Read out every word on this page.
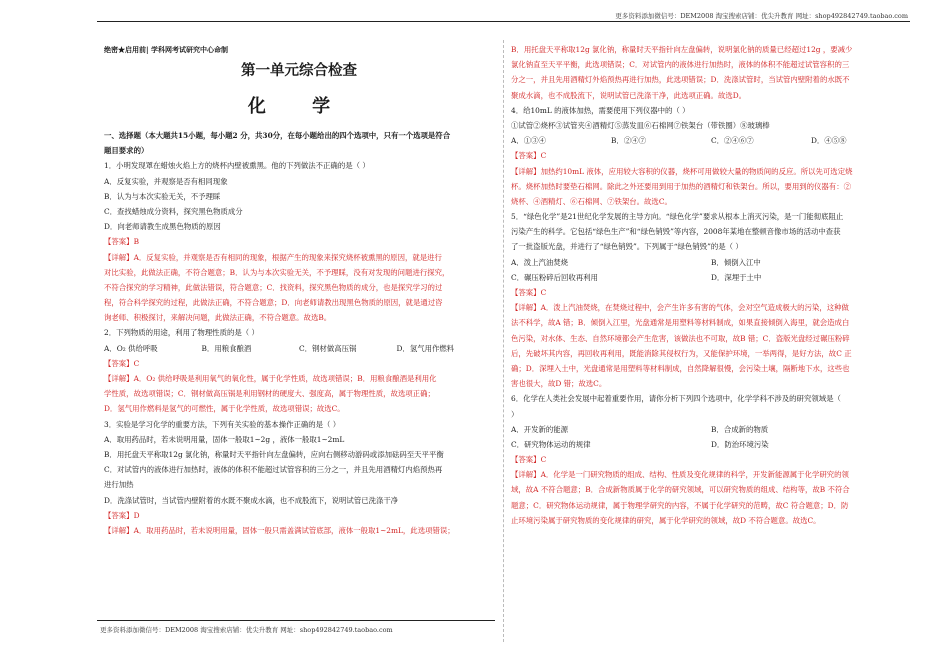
更多资料添加微信号：DEM2008 淘宝搜索店铺：优尖升教育 网址：shop492842749.taobao.com
绝密★启用前| 学科网考试研究中心命制
第一单元综合检查
化 学
一、选择题（本大题共15小题，每小题2 分，共30分，在每小题给出的四个选项中，只有一个选项是符合
题目要求的）
1．小明发现罩在蜡烛火焰上方的烧杯内壁被熏黑。他的下列做法不正确的是（ ）
A．反复实验，并观察是否有相同现象
B．认为与本次实验无关，不予理睬
C．查找蜡烛成分资料，探究黑色物质成分
D．向老师请教生成黑色物质的原因
【答案】B
【详解】A．反复实验，并观察是否有相同的现象，根据产生的现象来探究烧杯被熏黑的原因，就是进行
对比实验，此做法正确，不符合题意；B．认为与本次实验无关，不予理睬，没有对发现的问题进行探究，
不符合探究的学习精神，此做法错误，符合题意；C．找资料，探究黑色物质的成分，也是探究学习的过
程，符合科学探究的过程，此做法正确，不符合题意；D．向老师请教出现黑色物质的原因，就是通过咨
询老师、积极探讨，来解决问题，此做法正确，不符合题意。故选B。
2．下列物质的用途，利用了物理性质的是（ ）
A．O₂ 供给呼吸	B．用粮食酿酒	C．钢材做高压锅	D．氢气用作燃料
【答案】C
【详解】A．O₂ 供给呼吸是利用氧气的氧化性，属于化学性质，故选项错误；B．用粮食酿酒是利用化
学性质，故选项错误；C．钢材做高压锅是利用钢材的硬度大、强度高，属于物理性质，故选项正确；
D．氢气用作燃料是氢气的可燃性，属于化学性质，故选项错误；故选C。
3．实验是学习化学的重要方法，下列有关实验的基本操作正确的是（ ）
A．取用药品时，若未说明用量，固体一般取1~2g ，液体一般取1~2mL
B．用托盘天平称取12g 氯化钠，称量时天平指针向左盘偏转，应向右侧移动游码或添加砝码至天平平衡
C．对试管内的液体进行加热时，液体的体积不能超过试管容积的三分之一，并且先用酒精灯内焰预热再
进行加热
D．洗涤试管时，当试管内壁附着的水既不聚成水滴，也不成股流下，说明试管已洗涤干净
【答案】D
【详解】A．取用药品时，若未说明用量，固体一般只需盖满试管底部，液体一般取1~2mL，此选项错误；
B．用托盘天平称取12g 氯化钠，称量时天平指针向左盘偏转，说明氯化钠的质量已经超过12g ，要减少
氯化钠直至天平平衡，此选项错误；C．对试管内的液体进行加热时，液体的体积不能超过试管容积的三
分之一，并且先用酒精灯外焰预热再进行加热，此选项错误；D．洗涤试管时，当试管内壁附着的水既不
聚成水滴，也不成股流下，说明试管已洗涤干净，此选项正确。故选D。
4．给10mL 的液体加热，需要使用下列仪器中的（ ）
①试管②烧杯③试管夹④酒精灯⑤蒸发皿⑥石棉网⑦铁架台（带铁圈）⑧玻璃棒
A．①③④	B．②④⑦	C．②④⑥⑦	D．④⑤⑧
【答案】C
【详解】加热约10mL 液体，应用较大容积的仪器，烧杯可用做较大量的物质间的反应。所以先可选定烧
杯。烧杯加热时要垫石棉网。除此之外还要用到用于加热的酒精灯和铁架台。所以，要用到的仪器有：②
烧杯、④酒精灯、⑥石棉网、⑦铁架台。故选C。
5．“绿色化学”是21世纪化学发展的主导方向。“绿色化学”要求从根本上消灭污染，是一门能彻底阻止
污染产生的科学。它包括“绿色生产”和“绿色销毁”等内容，2008年某地在整顿音像市场的活动中查获
了一批盗版光盘，并进行了“绿色销毁”。下列属于“绿色销毁”的是（ ）
A．泼上汽油焚烧	B．倾倒入江中
C．碾压粉碎后回收再利用	D．深埋于土中
【答案】C
【详解】A．泼上汽油焚烧，在焚烧过程中，会产生许多有害的气体，会对空气造成极大的污染，这种做
法不科学，故A 错；B．倾倒入江里，光盘通常是用塑料等材料制成，如果直接倾倒入海里，就会造成白
色污染，对水体、生态、自然环境都会产生危害，该做法也不可取，故B 错；C．盗版光盘经过碾压粉碎
后，先破坏其内容，再回收再利用，既能消除其侵权行为，又能保护环境，一举两得，是好方法，故C 正
确；D．深埋入土中，光盘通常是用塑料等材料制成，自然降解很慢，会污染土壤，隔断地下水，这些也
害也很大，故D 错；故选C。
6．化学在人类社会发展中起着重要作用，请你分析下列四个选项中，化学学科不涉及的研究领域是（
）
A．开发新的能源	B．合成新的物质
C．研究物体运动的规律	D．防治环境污染
【答案】C
【详解】A．化学是一门研究物质的组成、结构、性质及变化规律的科学，开发新能源属于化学研究的领
域，故A 不符合题意；B．合成新物质属于化学的研究领域，可以研究物质的组成、结构等，故B 不符合
题意；C．研究物体运动规律，属于物理学研究的内容，不属于化学研究的范畴，故C 符合题意；D．防
止环境污染属于研究物质的变化规律的研究，属于化学研究的领域，故D 不符合题意。故选C。
更多资料添加微信号：DEM2008 淘宝搜索店铺：优尖升教育 网址：shop492842749.taobao.com
